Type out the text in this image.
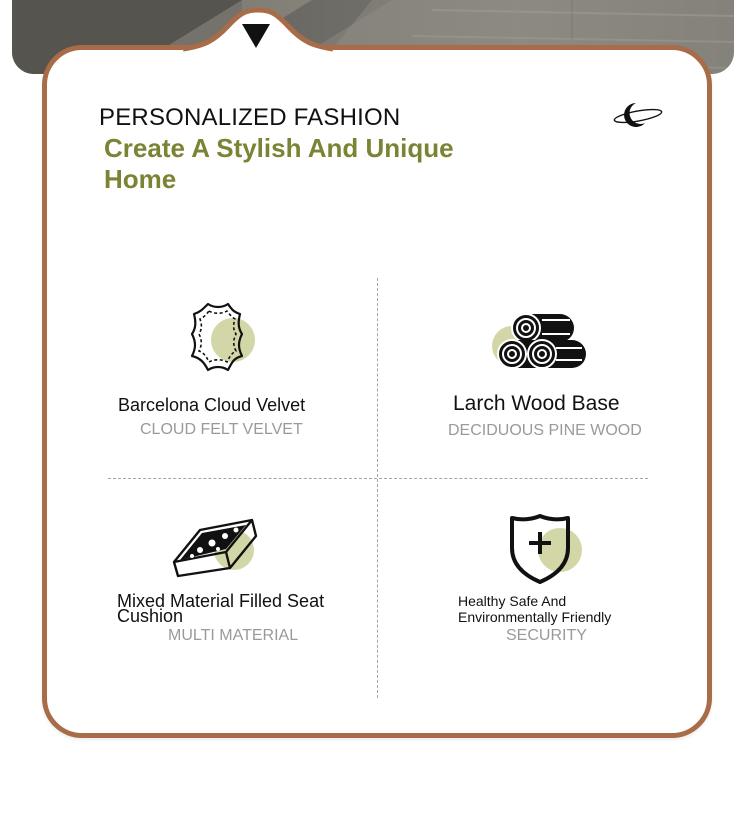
PERSONALIZED FASHION
Create A Stylish And Unique Home
Barcelona Cloud Velvet
CLOUD FELT VELVET
Larch Wood Base
DECIDUOUS PINE WOOD
Mixed Material Filled Seat Cushion
MULTI MATERIAL
Healthy Safe And Environmentally Friendly
SECURITY
